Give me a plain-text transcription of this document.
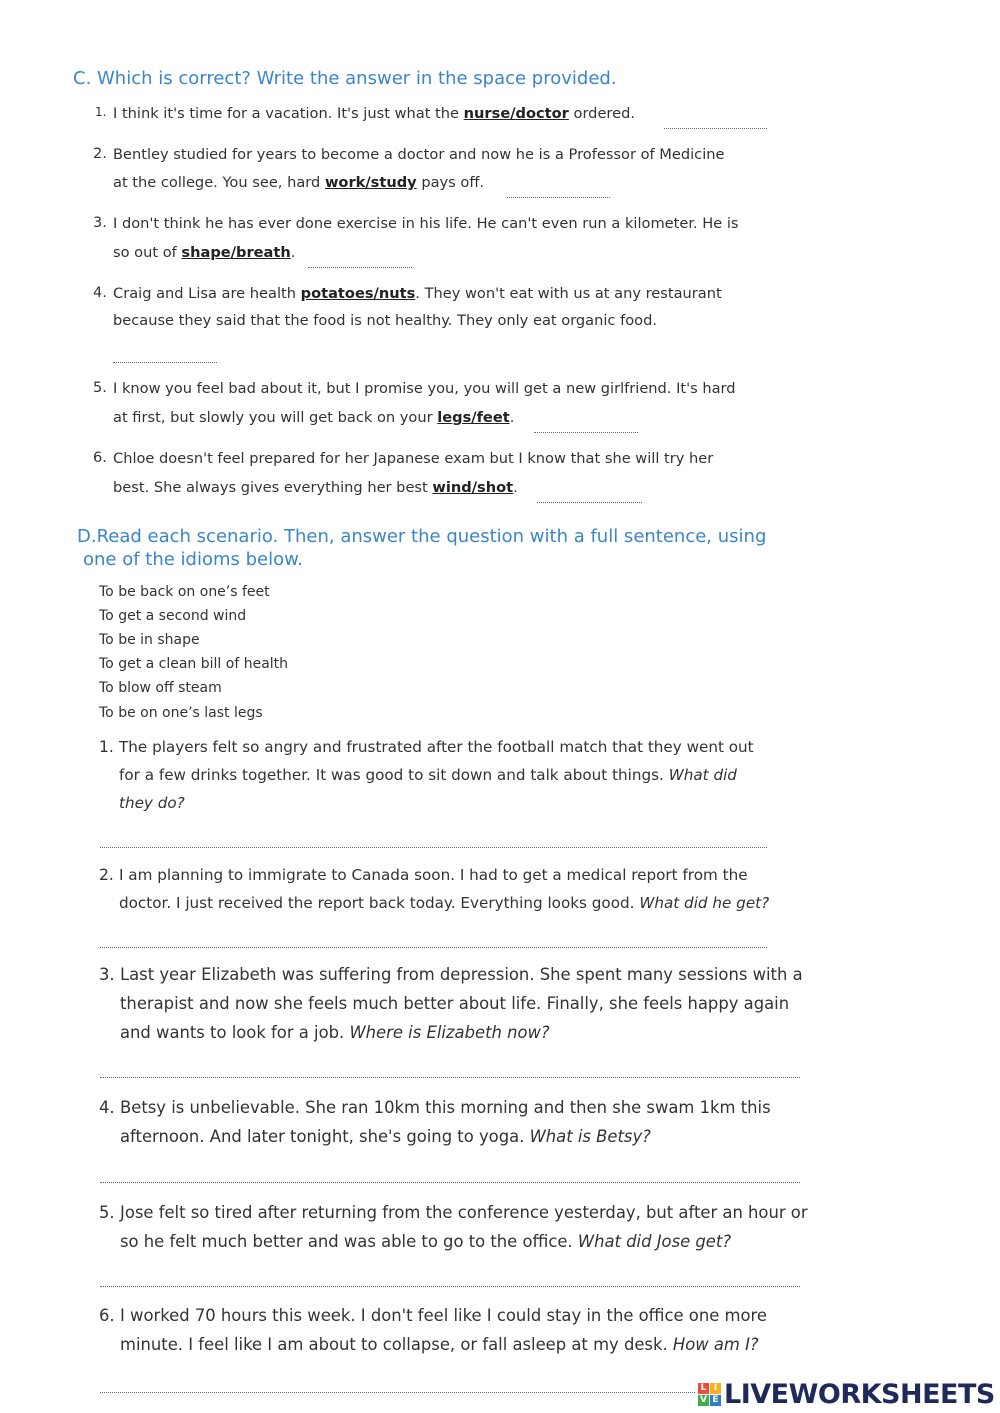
C. Which is correct? Write the answer in the space provided.
1. I think it's time for a vacation. It's just what the nurse/doctor ordered.
2. Bentley studied for years to become a doctor and now he is a Professor of Medicine
at the college. You see, hard work/study pays off.
3. I don't think he has ever done exercise in his life. He can't even run a kilometer. He is
so out of shape/breath.
4. Craig and Lisa are health potatoes/nuts. They won't eat with us at any restaurant
because they said that the food is not healthy. They only eat organic food.
5. I know you feel bad about it, but I promise you, you will get a new girlfriend. It's hard
at first, but slowly you will get back on your legs/feet.
6. Chloe doesn't feel prepared for her Japanese exam but I know that she will try her
best. She always gives everything her best wind/shot.
D.Read each scenario. Then, answer the question with a full sentence, using
one of the idioms below.
To be back on one’s feet
To get a second wind
To be in shape
To get a clean bill of health
To blow off steam
To be on one’s last legs
1. The players felt so angry and frustrated after the football match that they went out
for a few drinks together. It was good to sit down and talk about things. What did
they do?
2. I am planning to immigrate to Canada soon. I had to get a medical report from the
doctor. I just received the report back today. Everything looks good. What did he get?
3. Last year Elizabeth was suffering from depression. She spent many sessions with a
therapist and now she feels much better about life. Finally, she feels happy again
and wants to look for a job. Where is Elizabeth now?
4. Betsy is unbelievable. She ran 10km this morning and then she swam 1km this
afternoon. And later tonight, she's going to yoga. What is Betsy?
5. Jose felt so tired after returning from the conference yesterday, but after an hour or
so he felt much better and was able to go to the office. What did Jose get?
6. I worked 70 hours this week. I don't feel like I could stay in the office one more
minute. I feel like I am about to collapse, or fall asleep at my desk. How am I?
L I
V E LIVEWORKSHEETS
